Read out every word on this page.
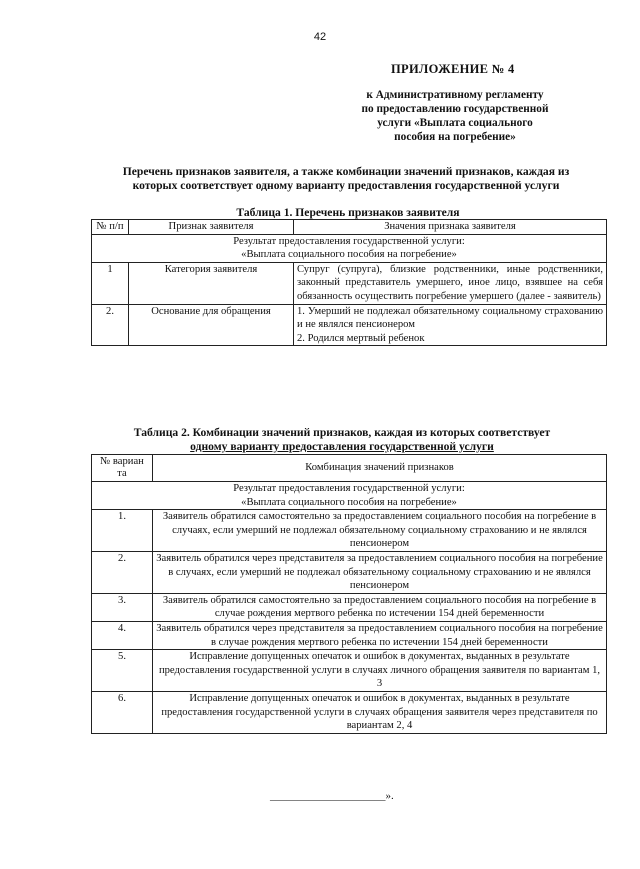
42
ПРИЛОЖЕНИЕ № 4
к Административному регламенту
по предоставлению государственной
услуги «Выплата социального
пособия на погребение»
Перечень признаков заявителя, а также комбинации значений признаков, каждая из
которых соответствует одному варианту предоставления государственной услуги
Таблица 1. Перечень признаков заявителя
№ п/п	Признак заявителя	Значения признака заявителя

Результат предоставления государственной услуги:
«Выплата социального пособия на погребение»		

1	Категория заявителя	Супруг (супруга), близкие родственники, иные родственники, законный представитель умершего, иное лицо, взявшее на себя обязанность осуществить погребение умершего (далее - заявитель)
2.	Основание для обращения	1. Умерший не подлежал обязательному социальному страхованию и не являлся пенсионером
2. Родился мертвый ребенок
Таблица 2. Комбинации значений признаков, каждая из которых соответствует
одному варианту предоставления государственной услуги
№ вариан та	Комбинация значений признаков

Результат предоставления государственной услуги:
«Выплата социального пособия на погребение»	

1.	Заявитель обратился самостоятельно за предоставлением социального пособия на погребение в случаях, если умерший не подлежал обязательному социальному страхованию и не являлся пенсионером
2.	Заявитель обратился через представителя за предоставлением социального пособия на погребение в случаях, если умерший не подлежал обязательному социальному страхованию и не являлся пенсионером
3.	Заявитель обратился самостоятельно за предоставлением социального пособия на погребение в случае рождения мертвого ребенка по истечении 154 дней беременности
4.	Заявитель обратился через представителя за предоставлением социального пособия на погребение в случае рождения мертвого ребенка по истечении 154 дней беременности
5.	Исправление допущенных опечаток и ошибок в документах, выданных в результате предоставления государственной услуги в случаях личного обращения заявителя по вариантам 1, 3
6.	Исправление допущенных опечаток и ошибок в документах, выданных в результате предоставления государственной услуги в случаях обращения заявителя через представителя по вариантам 2, 4
_____________________».
